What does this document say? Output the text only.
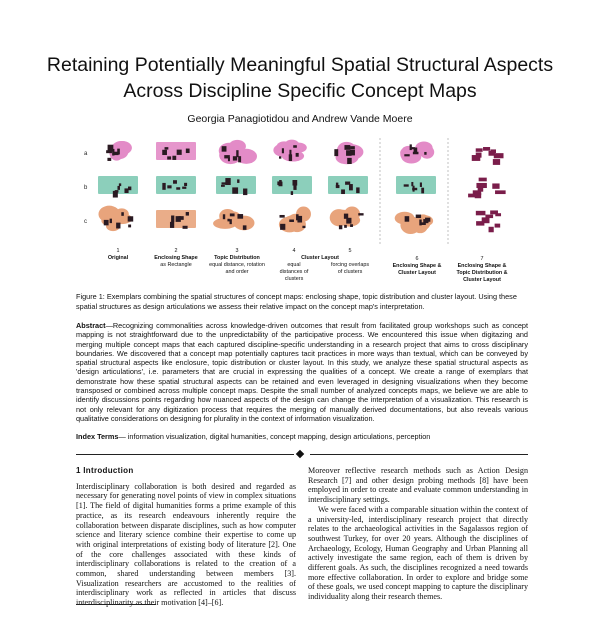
Retaining Potentially Meaningful Spatial Structural Aspects
Across Discipline Specific Concept Maps
Georgia Panagiotidou and Andrew Vande Moere
a
b
c
1
Original
2
Enclosing Shape
as Rectangle
3
Topic Distribution
equal distance, rotation and order
4
equal distances of clusters
Cluster Layout
5
forcing overlaps of clusters
6
Enclosing Shape & Cluster Layout
7
Enclosing Shape & Topic Distribution & Cluster Layout
Figure 1: Exemplars combining the spatial structures of concept maps: enclosing shape, topic distribution and cluster layout. Using these spatial structures as design articulations we assess their relative impact on the concept map's interpretation.
Abstract—Recognizing commonalities across knowledge-driven outcomes that result from facilitated group workshops such as concept mapping is not straightforward due to the unpredictability of the participative process. We encountered this issue when digitazing and merging multiple concept maps that each captured discipline-specific understanding in a research project that aims to cross disciplinary boundaries. We discovered that a concept map potentially captures tacit practices in more ways than textual, which can be conveyed by spatial structural aspects like enclosure, topic distribution or cluster layout. In this study, we analyze these spatial structural aspects as 'design articulations', i.e. parameters that are crucial in expressing the qualities of a concept. We create a range of exemplars that demonstrate how these spatial structural aspects can be retained and even leveraged in designing visualizations when they become transposed or combined across multiple concept maps. Despite the small number of analyzed concepts maps, we believe we are able to identify discussions points regarding how nuanced aspects of the design can change the interpretation of a visualization. This research is not only relevant for any digitization process that requires the merging of manually derived documentations, but also reveals various qualitative considerations on designing for plurality in the context of information visualization.
Index Terms— information visualization, digital humanities, concept mapping, design articulations, perception
1 Introduction

Interdisciplinary collaboration is both desired and regarded as necessary for generating novel points of view in complex situations [1]. The field of digital humanities forms a prime example of this practice, as its research endeavours inherently require the collaboration between disparate disciplines, such as how computer science and literary science combine their expertise to come up with original interpretations of existing body of literature [2]. One of the core challenges associated with these kinds of interdisciplinary collaborations is related to the creation of a common, shared understanding between members [3]. Visualization researchers are accustomed to the realities of interdisciplinary work as reflected in articles that discuss interdisciplinarity as their motivation [4]–[6].

Moreover reflective research methods such as Action Design Research [7] and other design probing methods [8] have been employed in order to create and evaluate common understanding in interdisciplinary settings.

We were faced with a comparable situation within the context of a university-led, interdisciplinary research project that directly relates to the archaeological activities in the Sagalassos region of southwest Turkey, for over 20 years. Although the disciplines of Archaeology, Ecology, Human Geography and Urban Planning all actively investigate the same region, each of them is driven by different goals. As such, the disciplines recognized a need towards more effective collaboration. In order to explore and bridge some of these goals, we used concept mapping to capture the disciplinary individuality along their research themes.
